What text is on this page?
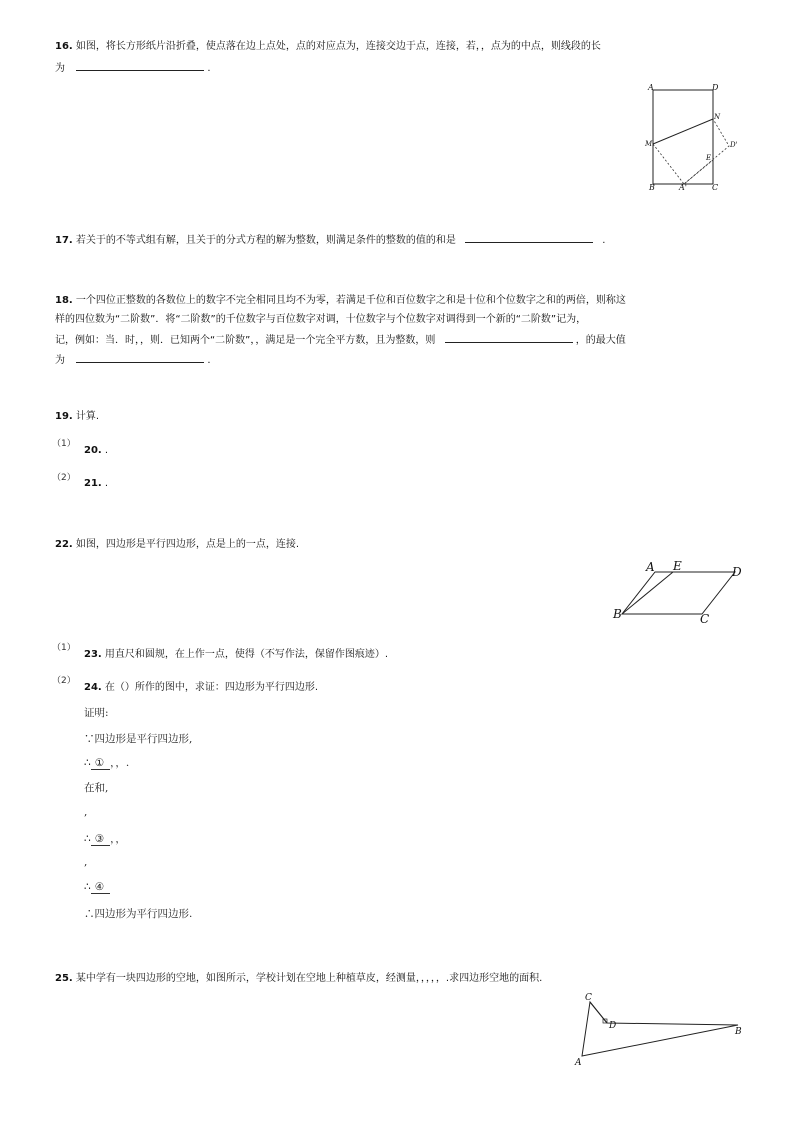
16. 如图，将长方形纸片沿折叠，使点落在边上点处，点的对应点为，连接交边于点，连接，若，，点为的中点，则线段的长
为	.
A	D
N
M	D'
E
B	A'	C
17. 若关于的不等式组有解，且关于的分式方程的解为整数，则满足条件的整数的值的和是	.
18. 一个四位正整数的各数位上的数字不完全相同且均不为零，若满足千位和百位数字之和是十位和个位数字之和的两倍，则称这
样的四位数为“二阶数”．将“二阶数”的千位数字与百位数字对调，十位数字与个位数字对调得到一个新的“二阶数”记为，
记，例如：当．时，，则．已知两个“二阶数”，，满足是一个完全平方数，且为整数，则	，的最大值
为	.
19. 计算.
（1）
20. .
（2） 21. .
22. 如图，四边形是平行四边形，点是上的一点，连接.
A E	D
B	C
（1）
23. 用直尺和圆规，在上作一点，使得（不写作法，保留作图痕迹）.
（2）
24. 在（）所作的图中，求证：四边形为平行四边形.
证明:
∵四边形是平行四边形,
∴ ① ，，.
在和,
,
∴ ③ ，，
,
∴ ④
∴四边形为平行四边形.
25. 某中学有一块四边形的空地，如图所示，学校计划在空地上种植草皮，经测量，，，，，.求四边形空地的面积.
C
D
B
A
